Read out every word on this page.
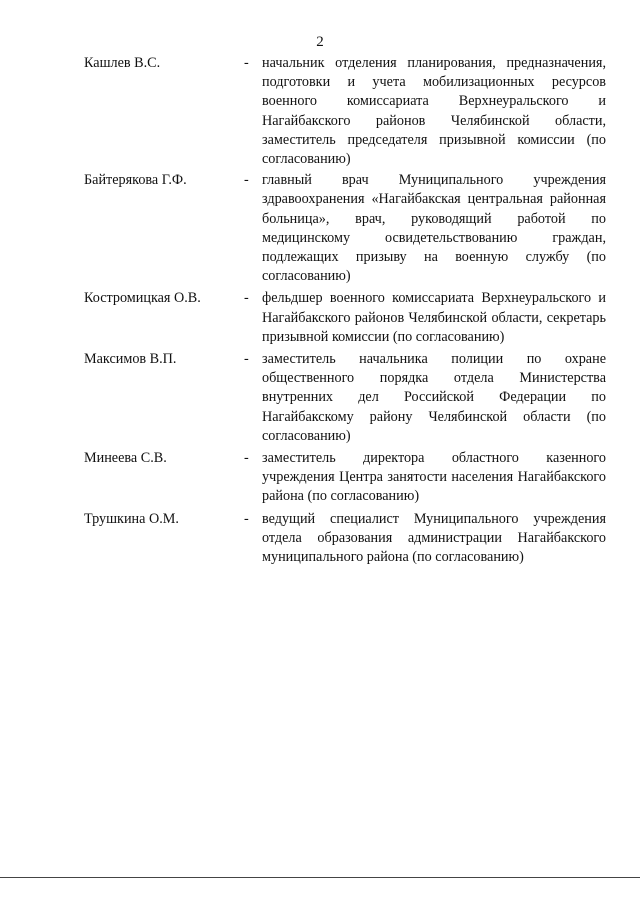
2
Кашлев В.С.	- начальник отделения планирования, предназначения, подготовки и учета мобилизационных ресурсов военного комиссариата Верхнеуральского и Нагайбакского районов Челябинской области, заместитель председателя призывной комиссии (по согласованию)
Байтерякова Г.Ф.	- главный врач Муниципального учреждения здравоохранения «Нагайбакская центральная районная больница», врач, руководящий работой по медицинскому освидетельствованию граждан, подлежащих призыву на военную службу (по согласованию)
Костромицкая О.В.	- фельдшер военного комиссариата Верхнеуральского и Нагайбакского районов Челябинской области, секретарь призывной комиссии (по согласованию)
Максимов В.П.	- заместитель начальника полиции по охране общественного порядка отдела Министерства внутренних дел Российской Федерации по Нагайбакскому району Челябинской области (по согласованию)
Минеева С.В.	- заместитель директора областного казенного учреждения Центра занятости населения Нагайбакского района (по согласованию)
Трушкина О.М.	- ведущий специалист Муниципального учреждения отдела образования администрации Нагайбакского муниципального района (по согласованию)
